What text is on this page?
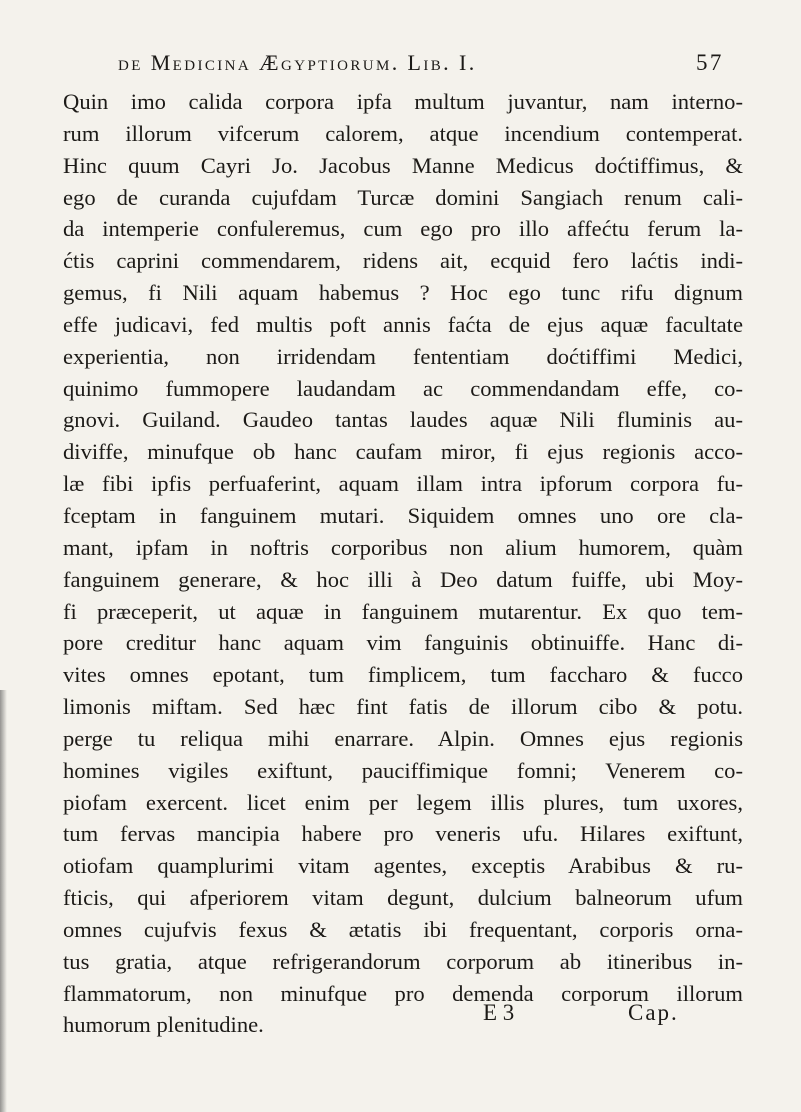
de Medicina Ægyptiorum. Lib. I.	57
Quin imo calida corpora ipfa multum juvantur, nam interno-
rum illorum vifcerum calorem, atque incendium contemperat.
Hinc quum Cayri Jo. Jacobus Manne Medicus doćtiffimus, &
ego de curanda cujufdam Turcæ domini Sangiach renum cali-
da intemperie confuleremus, cum ego pro illo affećtu ferum la-
ćtis caprini commendarem, ridens ait, ecquid fero laćtis indi-
gemus, fi Nili aquam habemus ? Hoc ego tunc rifu dignum
effe judicavi, fed multis poft annis faćta de ejus aquæ facultate
experientia, non irridendam fententiam doćtiffimi Medici,
quinimo fummopere laudandam ac commendandam effe, co-
gnovi. Guiland. Gaudeo tantas laudes aquæ Nili fluminis au-
diviffe, minufque ob hanc caufam miror, fi ejus regionis acco-
læ fibi ipfis perfuaferint, aquam illam intra ipforum corpora fu-
fceptam in fanguinem mutari. Siquidem omnes uno ore cla-
mant, ipfam in noftris corporibus non alium humorem, quàm
fanguinem generare, & hoc illi à Deo datum fuiffe, ubi Moy-
fi præceperit, ut aquæ in fanguinem mutarentur. Ex quo tem-
pore creditur hanc aquam vim fanguinis obtinuiffe. Hanc di-
vites omnes epotant, tum fimplicem, tum faccharo & fucco
limonis miftam. Sed hæc fint fatis de illorum cibo & potu.
perge tu reliqua mihi enarrare. Alpin. Omnes ejus regionis
homines vigiles exiftunt, pauciffimique fomni; Venerem co-
piofam exercent. licet enim per legem illis plures, tum uxores,
tum fervas mancipia habere pro veneris ufu. Hilares exiftunt,
otiofam quamplurimi vitam agentes, exceptis Arabibus & ru-
fticis, qui afperiorem vitam degunt, dulcium balneorum ufum
omnes cujufvis fexus & ætatis ibi frequentant, corporis orna-
tus gratia, atque refrigerandorum corporum ab itineribus in-
flammatorum, non minufque pro demenda corporum illorum
humorum plenitudine.	E 3	Cap.
